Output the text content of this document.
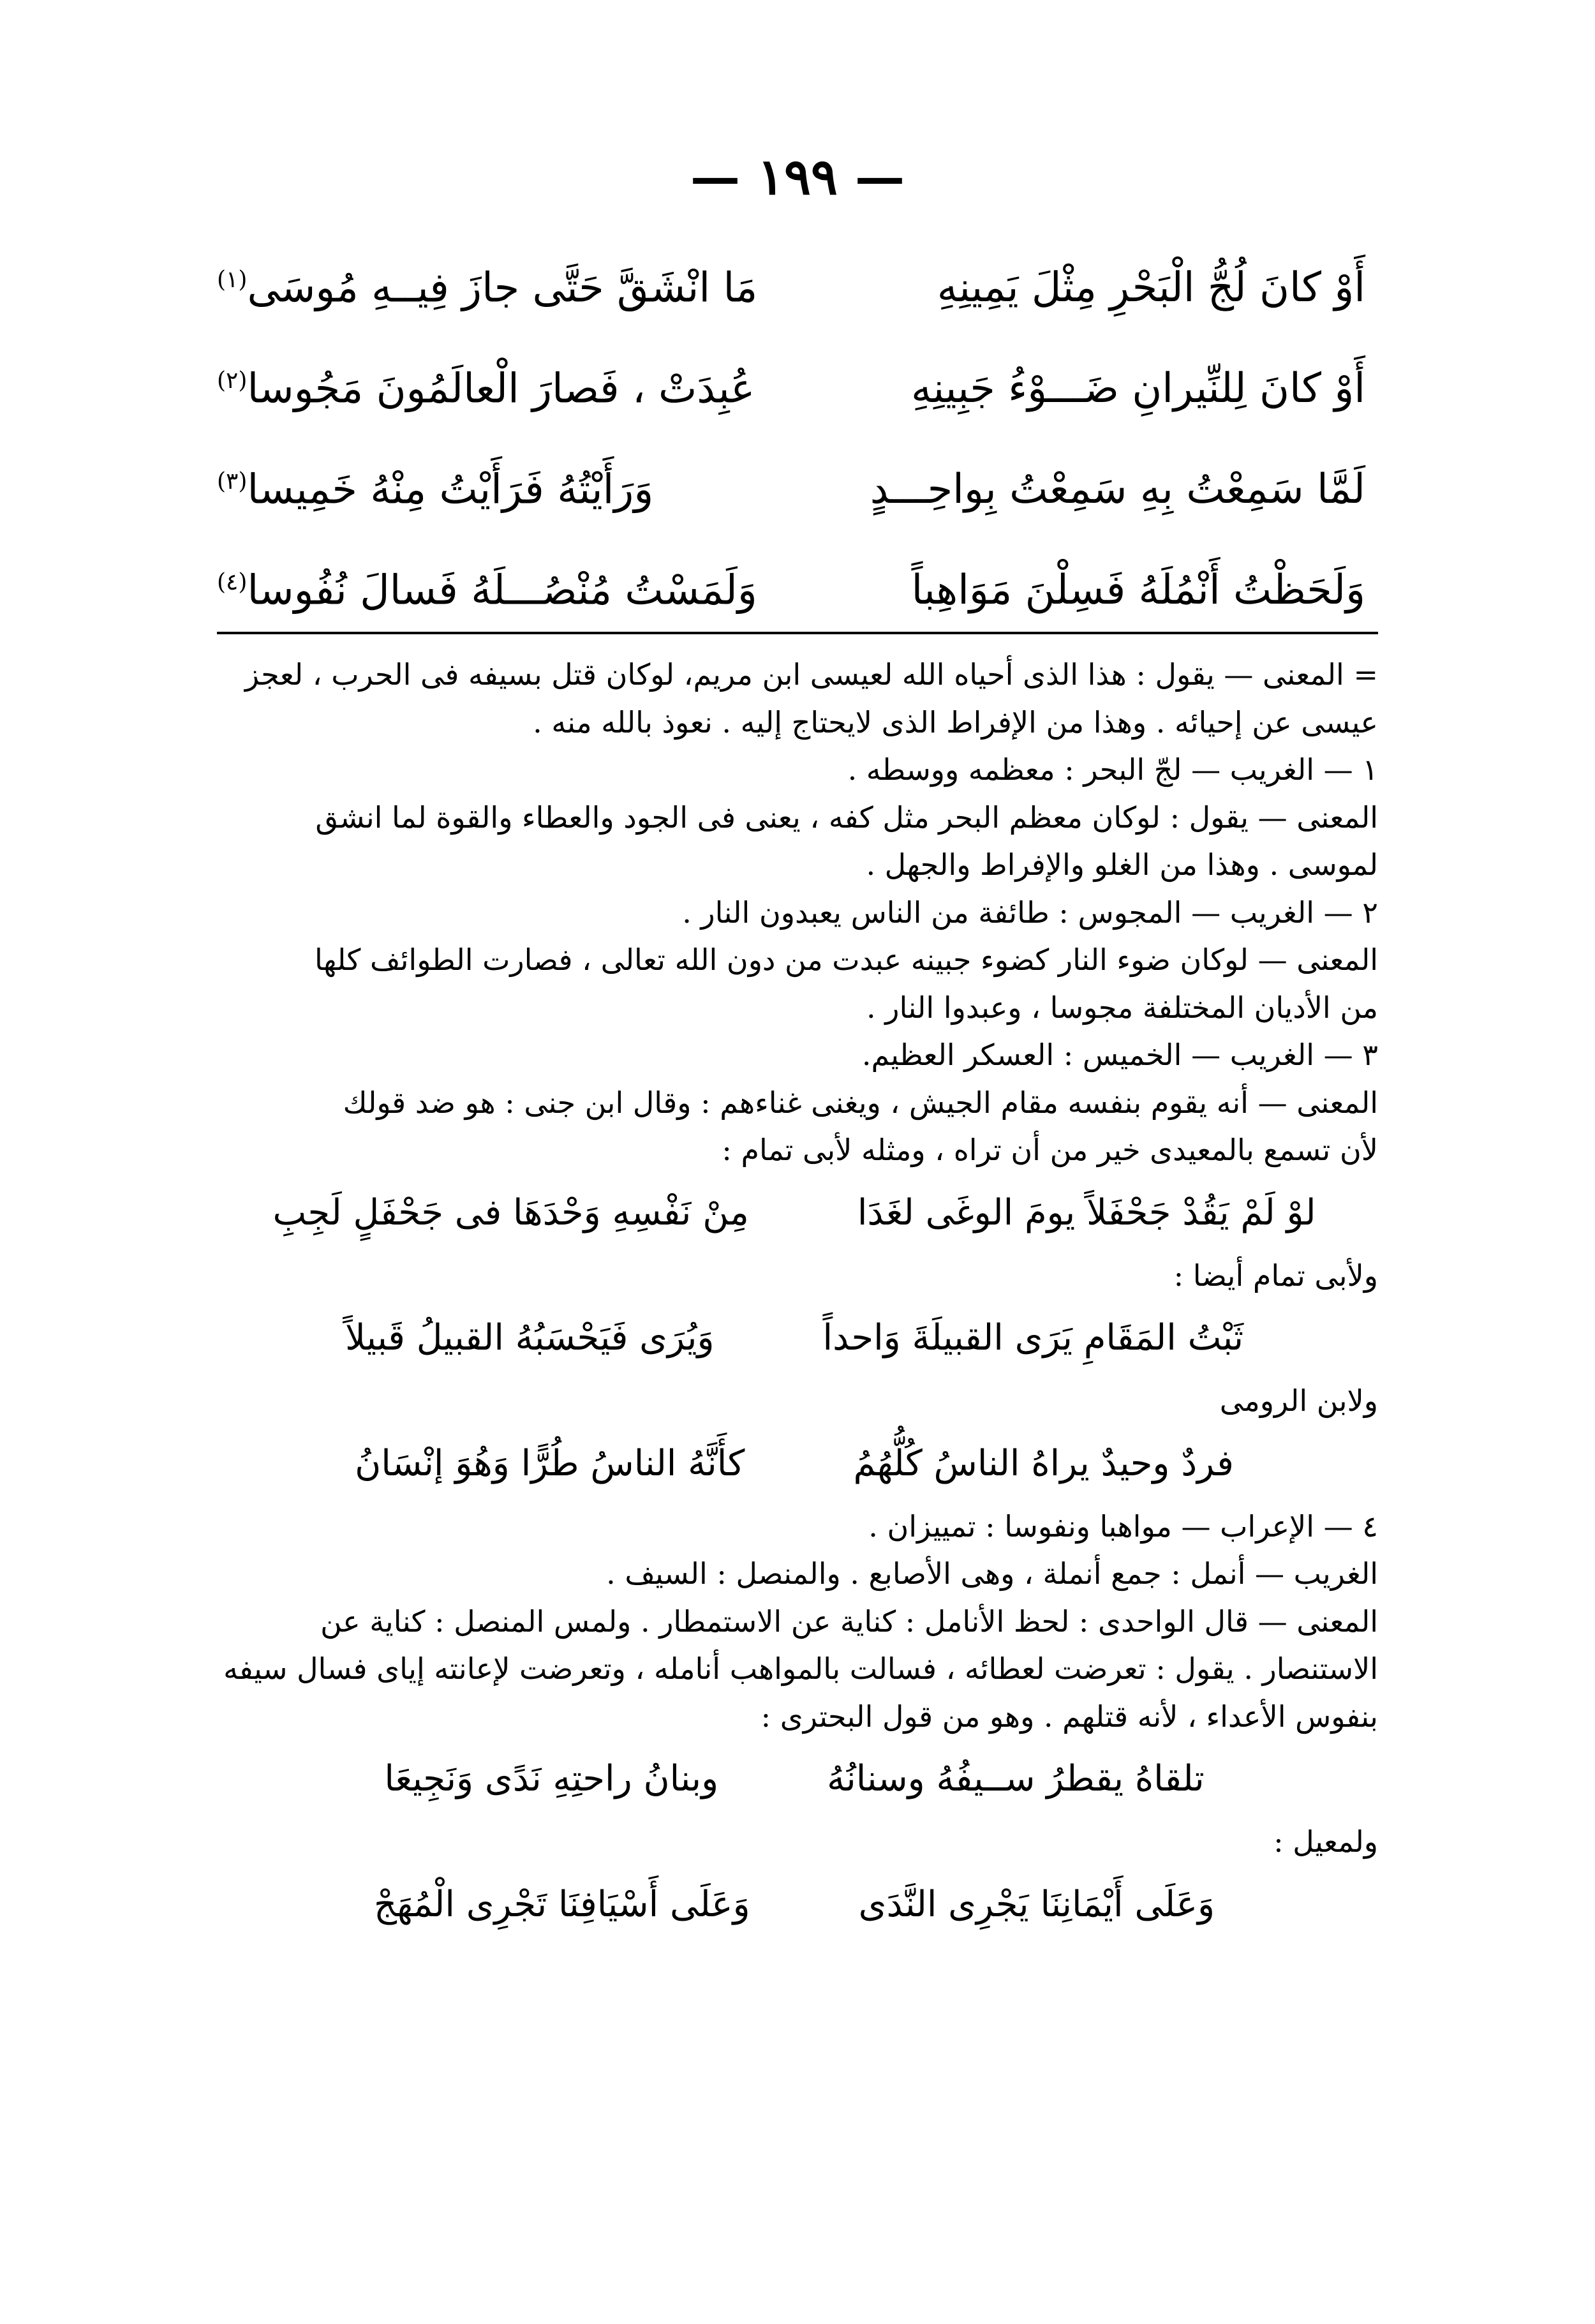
— ١٩٩ —
أَوْ كانَ لُجُّ الْبَحْرِ مِثْلَ يَمِينِهِ
مَا انْشَقَّ حَتَّى جازَ فِيــهِ مُوسَى$^{(١)}$
أَوْ كانَ لِلنِّيرانِ ضَـــوْءُ جَبِينِهِ
عُبِدَتْ ، فَصارَ الْعالَمُونَ مَجُوسا$^{(٢)}$
لَمَّا سَمِعْتُ بِهِ سَمِعْتُ بِواحِـــدٍ
وَرَأَيْتُهُ فَرَأَيْتُ مِنْهُ خَمِيسا$^{(٣)}$
وَلَحَظْتُ أَنْمُلَهُ فَسِلْنَ مَوَاهِباً
وَلَمَسْتُ مُنْصُـــلَهُ فَسالَ نُفُوسا$^{(٤)}$
= المعنى — يقول : هذا الذى أحياه الله لعيسى ابن مريم، لوكان قتل بسيفه فى الحرب ، لعجز
عيسى عن إحيائه . وهذا من الإفراط الذى لايحتاج إليه . نعوذ بالله منه .
١ — الغريب — لجّ البحر : معظمه ووسطه .
المعنى — يقول : لوكان معظم البحر مثل كفه ، يعنى فى الجود والعطاء والقوة لما انشق
لموسى . وهذا من الغلو والإفراط والجهل .
٢ — الغريب — المجوس : طائفة من الناس يعبدون النار .
المعنى — لوكان ضوء النار كضوء جبينه عبدت من دون الله تعالى ، فصارت الطوائف كلها
من الأديان المختلفة مجوسا ، وعبدوا النار .
٣ — الغريب — الخميس : العسكر العظيم.
المعنى — أنه يقوم بنفسه مقام الجيش ، ويغنى غناءهم : وقال ابن جنى : هو ضد قولك
لأن تسمع بالمعيدى خير من أن تراه ، ومثله لأبى تمام :
لوْ لَمْ يَقُدْ جَحْفَلاً يومَ الوغَى لغَدَا
مِنْ نَفْسِهِ وَحْدَهَا فى جَحْفَلٍ لَجِبِ
ولأبى تمام أيضا :
ثَبْتُ المَقَامِ يَرَى القبيلَةَ وَاحداً
وَيُرَى فَيَحْسَبُهُ القبيلُ قَبيلاً
ولابن الرومى
فردٌ وحيدٌ يراهُ الناسُ كُلُّهُمُ
كأَنَّهُ الناسُ طُرًّا وَهُوَ إنْسَانُ
٤ — الإعراب — مواهبا ونفوسا : تمييزان .
الغريب — أنمل : جمع أنملة ، وهى الأصابع . والمنصل : السيف .
المعنى — قال الواحدى : لحظ الأنامل : كناية عن الاستمطار . ولمس المنصل : كناية عن
الاستنصار . يقول : تعرضت لعطائه ، فسالت بالمواهب أنامله ، وتعرضت لإعانته إياى فسال سيفه
بنفوس الأعداء ، لأنه قتلهم . وهو من قول البحترى :
تلقاهُ يقطرُ ســيفُهُ وسنانُهُ
وبنانُ راحتِهِ نَدًى وَنَجِيعَا
ولمعيل :
وَعَلَى أَيْمَانِنَا يَجْرِى النَّدَى
وَعَلَى أَسْيَافِنَا تَجْرِى الْمُهَجْ
